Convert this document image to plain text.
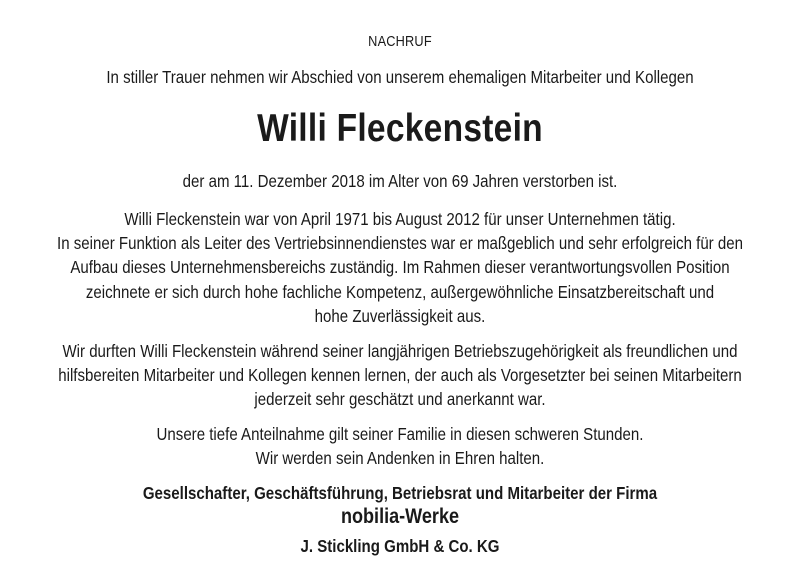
NACHRUF
In stiller Trauer nehmen wir Abschied von unserem ehemaligen Mitarbeiter und Kollegen
Willi Fleckenstein
der am 11. Dezember 2018 im Alter von 69 Jahren verstorben ist.
Willi Fleckenstein war von April 1971 bis August 2012 für unser Unternehmen tätig.
In seiner Funktion als Leiter des Vertriebsinnendienstes war er maßgeblich und sehr erfolgreich für den
Aufbau dieses Unternehmensbereichs zuständig. Im Rahmen dieser verantwortungsvollen Position
zeichnete er sich durch hohe fachliche Kompetenz, außergewöhnliche Einsatzbereitschaft und
hohe Zuverlässigkeit aus.
Wir durften Willi Fleckenstein während seiner langjährigen Betriebszugehörigkeit als freundlichen und
hilfsbereiten Mitarbeiter und Kollegen kennen lernen, der auch als Vorgesetzter bei seinen Mitarbeitern
jederzeit sehr geschätzt und anerkannt war.
Unsere tiefe Anteilnahme gilt seiner Familie in diesen schweren Stunden.
Wir werden sein Andenken in Ehren halten.
Gesellschafter, Geschäftsführung, Betriebsrat und Mitarbeiter der Firma
nobilia-Werke
J. Stickling GmbH & Co. KG
